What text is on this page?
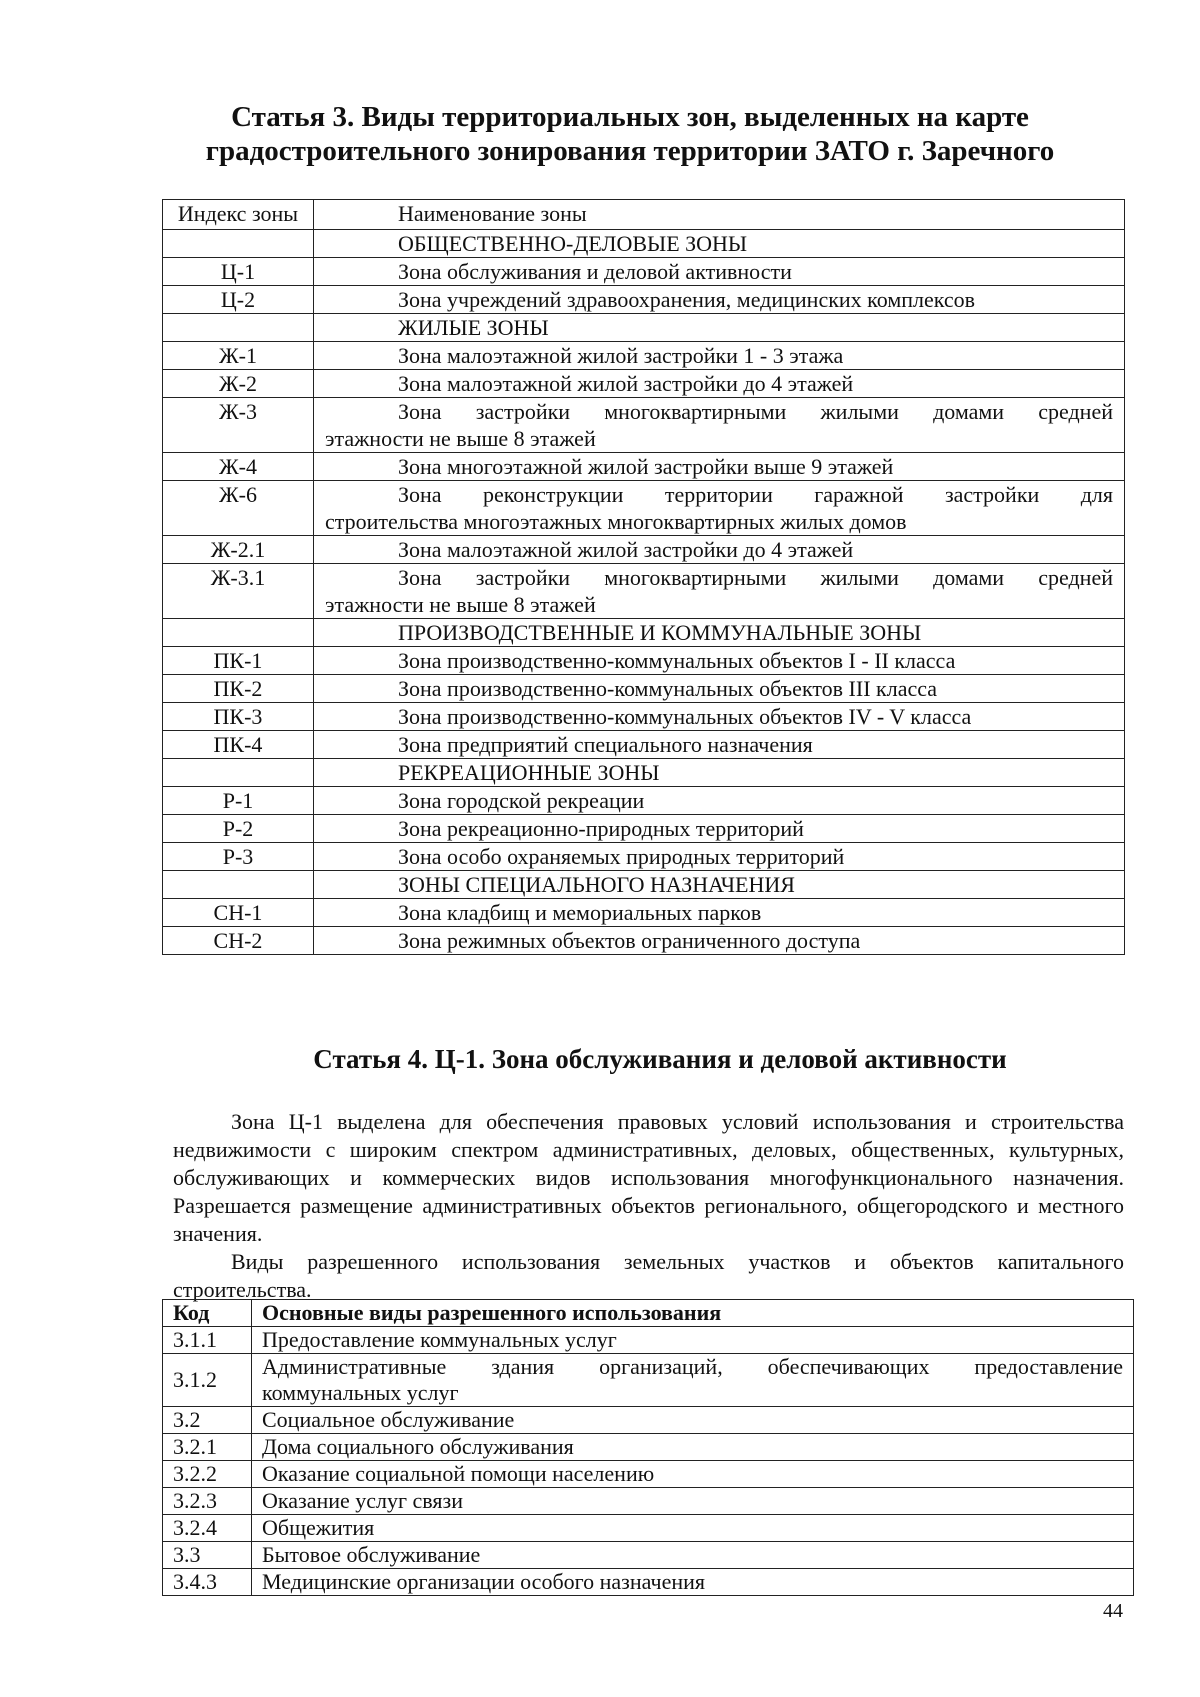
Статья 3. Виды территориальных зон, выделенных на карте
градостроительного зонирования территории ЗАТО г. Заречного
Индекс зоны	Наименование зоны
	ОБЩЕСТВЕННО-ДЕЛОВЫЕ ЗОНЫ
Ц-1	Зона обслуживания и деловой активности

Ц-2	Зона учреждений здравоохранения, медицинских комплексов

	ЖИЛЫЕ ЗОНЫ
Ж-1	Зона малоэтажной жилой застройки 1 - 3 этажа

Ж-2	Зона малоэтажной жилой застройки до 4 этажей

Ж-3	Зона застройки многоквартирными жилыми домами средней
этажности не выше 8 этажей

Ж-4	Зона многоэтажной жилой застройки выше 9 этажей

Ж-6	Зона реконструкции территории гаражной застройки для
строительства многоэтажных многоквартирных жилых домов

Ж-2.1	Зона малоэтажной жилой застройки до 4 этажей

Ж-3.1	Зона застройки многоквартирными жилыми домами средней
этажности не выше 8 этажей

	ПРОИЗВОДСТВЕННЫЕ И КОММУНАЛЬНЫЕ ЗОНЫ
ПК-1	Зона производственно-коммунальных объектов I - II класса

ПК-2	Зона производственно-коммунальных объектов III класса

ПК-3	Зона производственно-коммунальных объектов IV - V класса

ПК-4	Зона предприятий специального назначения

	РЕКРЕАЦИОННЫЕ ЗОНЫ
Р-1	Зона городской рекреации

Р-2	Зона рекреационно-природных территорий

Р-3	Зона особо охраняемых природных территорий

	ЗОНЫ СПЕЦИАЛЬНОГО НАЗНАЧЕНИЯ
СН-1	Зона кладбищ и мемориальных парков

СН-2	Зона режимных объектов ограниченного доступа
Статья 4. Ц-1. Зона обслуживания и деловой активности
Зона Ц-1 выделена для обеспечения правовых условий использования и строительства недвижимости с широким спектром административных, деловых, общественных, культурных, обслуживающих и коммерческих видов использования многофункционального назначения. Разрешается размещение административных объектов регионального, общегородского и местного значения.
Виды разрешенного использования земельных участков и объектов капитального строительства.
Код	Основные виды разрешенного использования
3.1.1	Предоставление коммунальных услуг
3.1.2	Административные здания организаций, обеспечивающих предоставление
коммунальных услуг

3.2	Социальное обслуживание
3.2.1	Дома социального обслуживания
3.2.2	Оказание социальной помощи населению
3.2.3	Оказание услуг связи
3.2.4	Общежития
3.3	Бытовое обслуживание
3.4.3	Медицинские организации особого назначения
44
